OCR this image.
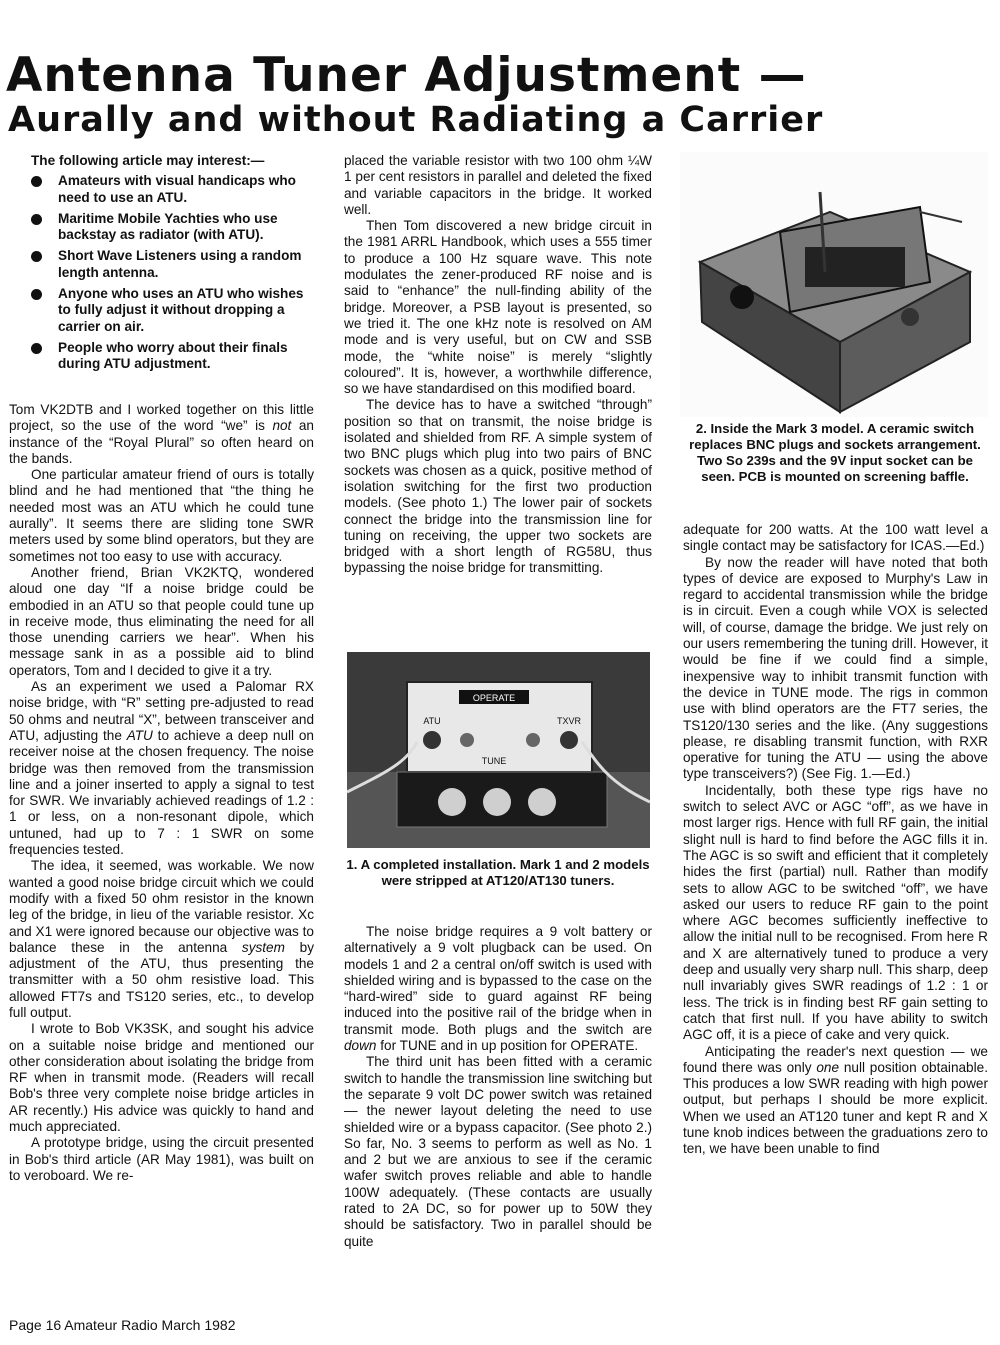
Antenna Tuner Adjustment —
Aurally and without Radiating a Carrier
The following article may interest:—
Amateurs with visual handicaps who need to use an ATU.
Maritime Mobile Yachties who use backstay as radiator (with ATU).
Short Wave Listeners using a random length antenna.
Anyone who uses an ATU who wishes to fully adjust it without dropping a carrier on air.
People who worry about their finals during ATU adjustment.

Tom VK2DTB and I worked together on this little project, so the use of the word “we” is not an instance of the “Royal Plural” so often heard on the bands.

One particular amateur friend of ours is totally blind and he had mentioned that “the thing he needed most was an ATU which he could tune aurally”. It seems there are sliding tone SWR meters used by some blind operators, but they are sometimes not too easy to use with accuracy.

Another friend, Brian VK2KTQ, wondered aloud one day “If a noise bridge could be embodied in an ATU so that people could tune up in receive mode, thus eliminating the need for all those unending carriers we hear”. When his message sank in as a possible aid to blind operators, Tom and I decided to give it a try.

As an experiment we used a Palomar RX noise bridge, with “R” setting pre-adjusted to read 50 ohms and neutral “X”, between transceiver and ATU, adjusting the ATU to achieve a deep null on receiver noise at the chosen frequency. The noise bridge was then removed from the transmission line and a joiner inserted to apply a signal to test for SWR. We invariably achieved readings of 1.2 : 1 or less, on a non-resonant dipole, which untuned, had up to 7 : 1 SWR on some frequencies tested.

The idea, it seemed, was workable. We now wanted a good noise bridge circuit which we could modify with a fixed 50 ohm resistor in the known leg of the bridge, in lieu of the variable resistor. Xc and X1 were ignored because our objective was to balance these in the antenna system by adjustment of the ATU, thus presenting the transmitter with a 50 ohm resistive load. This allowed FT7s and TS120 series, etc., to develop full output.

I wrote to Bob VK3SK, and sought his advice on a suitable noise bridge and mentioned our other consideration about isolating the bridge from RF when in transmit mode. (Readers will recall Bob's three very complete noise bridge articles in AR recently.) His advice was quickly to hand and much appreciated.

A prototype bridge, using the circuit presented in Bob's third article (AR May 1981), was built on to veroboard. We re-

placed the variable resistor with two 100 ohm ¼W 1 per cent resistors in parallel and deleted the fixed and variable capacitors in the bridge. It worked well.

Then Tom discovered a new bridge circuit in the 1981 ARRL Handbook, which uses a 555 timer to produce a 100 Hz square wave. This note modulates the zener-produced RF noise and is said to “enhance” the null-finding ability of the bridge. Moreover, a PSB layout is presented, so we tried it. The one kHz note is resolved on AM mode and is very useful, but on CW and SSB mode, the “white noise” is merely “slightly coloured”. It is, however, a worthwhile difference, so we have standardised on this modified board.

The device has to have a switched “through” position so that on transmit, the noise bridge is isolated and shielded from RF. A simple system of two BNC plugs which plug into two pairs of BNC sockets was chosen as a quick, positive method of isolation switching for the first two production models. (See photo 1.) The lower pair of sockets connect the bridge into the transmission line for tuning on receiving, the upper two sockets are bridged with a short length of RG58U, thus bypassing the noise bridge for transmitting.

OPERATE
ATU	TXVR
TUNE
1. A completed installation. Mark 1 and 2 models were stripped at AT120/AT130 tuners.

The noise bridge requires a 9 volt battery or alternatively a 9 volt plugback can be used. On models 1 and 2 a central on/off switch is used with shielded wiring and is bypassed to the case on the “hard-wired” side to guard against RF being induced into the positive rail of the bridge when in transmit mode. Both plugs and the switch are down for TUNE and in up position for OPERATE.

The third unit has been fitted with a ceramic switch to handle the transmission line switching but the separate 9 volt DC power switch was retained — the newer layout deleting the need to use shielded wire or a bypass capacitor. (See photo 2.) So far, No. 3 seems to perform as well as No. 1 and 2 but we are anxious to see if the ceramic wafer switch proves reliable and able to handle 100W adequately. (These contacts are usually rated to 2A DC, so for power up to 50W they should be satisfactory. Two in parallel should be quite

2. Inside the Mark 3 model. A ceramic switch replaces BNC plugs and sockets arrangement. Two So 239s and the 9V input socket can be seen. PCB is mounted on screening baffle.

adequate for 200 watts. At the 100 watt level a single contact may be satisfactory for ICAS.—Ed.)

By now the reader will have noted that both types of device are exposed to Murphy's Law in regard to accidental transmission while the bridge is in circuit. Even a cough while VOX is selected will, of course, damage the bridge. We just rely on our users remembering the tuning drill. However, it would be fine if we could find a simple, inexpensive way to inhibit transmit function with the device in TUNE mode. The rigs in common use with blind operators are the FT7 series, the TS120/130 series and the like. (Any suggestions please, re disabling transmit function, with RXR operative for tuning the ATU — using the above type transceivers?) (See Fig. 1.—Ed.)

Incidentally, both these type rigs have no switch to select AVC or AGC “off”, as we have in most larger rigs. Hence with full RF gain, the initial slight null is hard to find before the AGC fills it in. The AGC is so swift and efficient that it completely hides the first (partial) null. Rather than modify sets to allow AGC to be switched “off”, we have asked our users to reduce RF gain to the point where AGC becomes sufficiently ineffective to allow the initial null to be recognised. From here R and X are alternatively tuned to produce a very deep and usually very sharp null. This sharp, deep null invariably gives SWR readings of 1.2 : 1 or less. The trick is in finding best RF gain setting to catch that first null. If you have ability to switch AGC off, it is a piece of cake and very quick.

Anticipating the reader's next question — we found there was only one null position obtainable. This produces a low SWR reading with high power output, but perhaps I should be more explicit. When we used an AT120 tuner and kept R and X tune knob indices between the graduations zero to ten, we have been unable to find

Page 16 Amateur Radio March 1982
